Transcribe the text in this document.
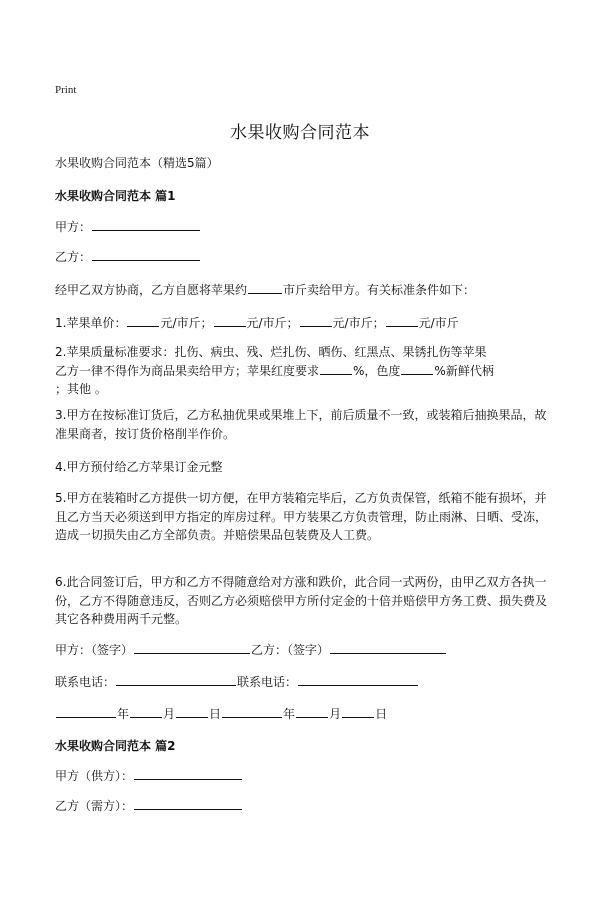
Print
水果收购合同范本

水果收购合同范本（精选5篇）

水果收购合同范本 篇1

甲方：

乙方：

经甲乙双方协商，乙方自愿将苹果约	市斤卖给甲方。有关标准条件如下：

1.苹果单价：	元/市斤；	元/市斤；	元/市斤；	元/市斤

2.苹果质量标准要求：扎伤、病虫、残、烂扎伤、晒伤、红黑点、果锈扎伤等苹果
乙方一律不得作为商品果卖给甲方；苹果红度要求	%，色度	%新鲜代柄
；其他 。

3.甲方在按标准订货后，乙方私抽优果或果堆上下，前后质量不一致，或装箱后抽换果品，故准果商者，按订货价格削半作价。

4.甲方预付给乙方苹果订金元整

5.甲方在装箱时乙方提供一切方便，在甲方装箱完毕后，乙方负责保管，纸箱不能有损坏，并且乙方当天必须送到甲方指定的库房过秤。甲方装果乙方负责管理，防止雨淋、日晒、受冻，造成一切损失由乙方全部负责。并赔偿果品包装费及人工费。

6.此合同签订后，甲方和乙方不得随意给对方涨和跌价，此合同一式两份，由甲乙双方各执一份，乙方不得随意违反，否则乙方必须赔偿甲方所付定金的十倍并赔偿甲方务工费、损失费及其它各种费用两千元整。

甲方：（签字）	乙方：（签字）

联系电话：	联系电话：

年	月	日	年	月	日

水果收购合同范本 篇2

甲方（供方）：

乙方（需方）：
